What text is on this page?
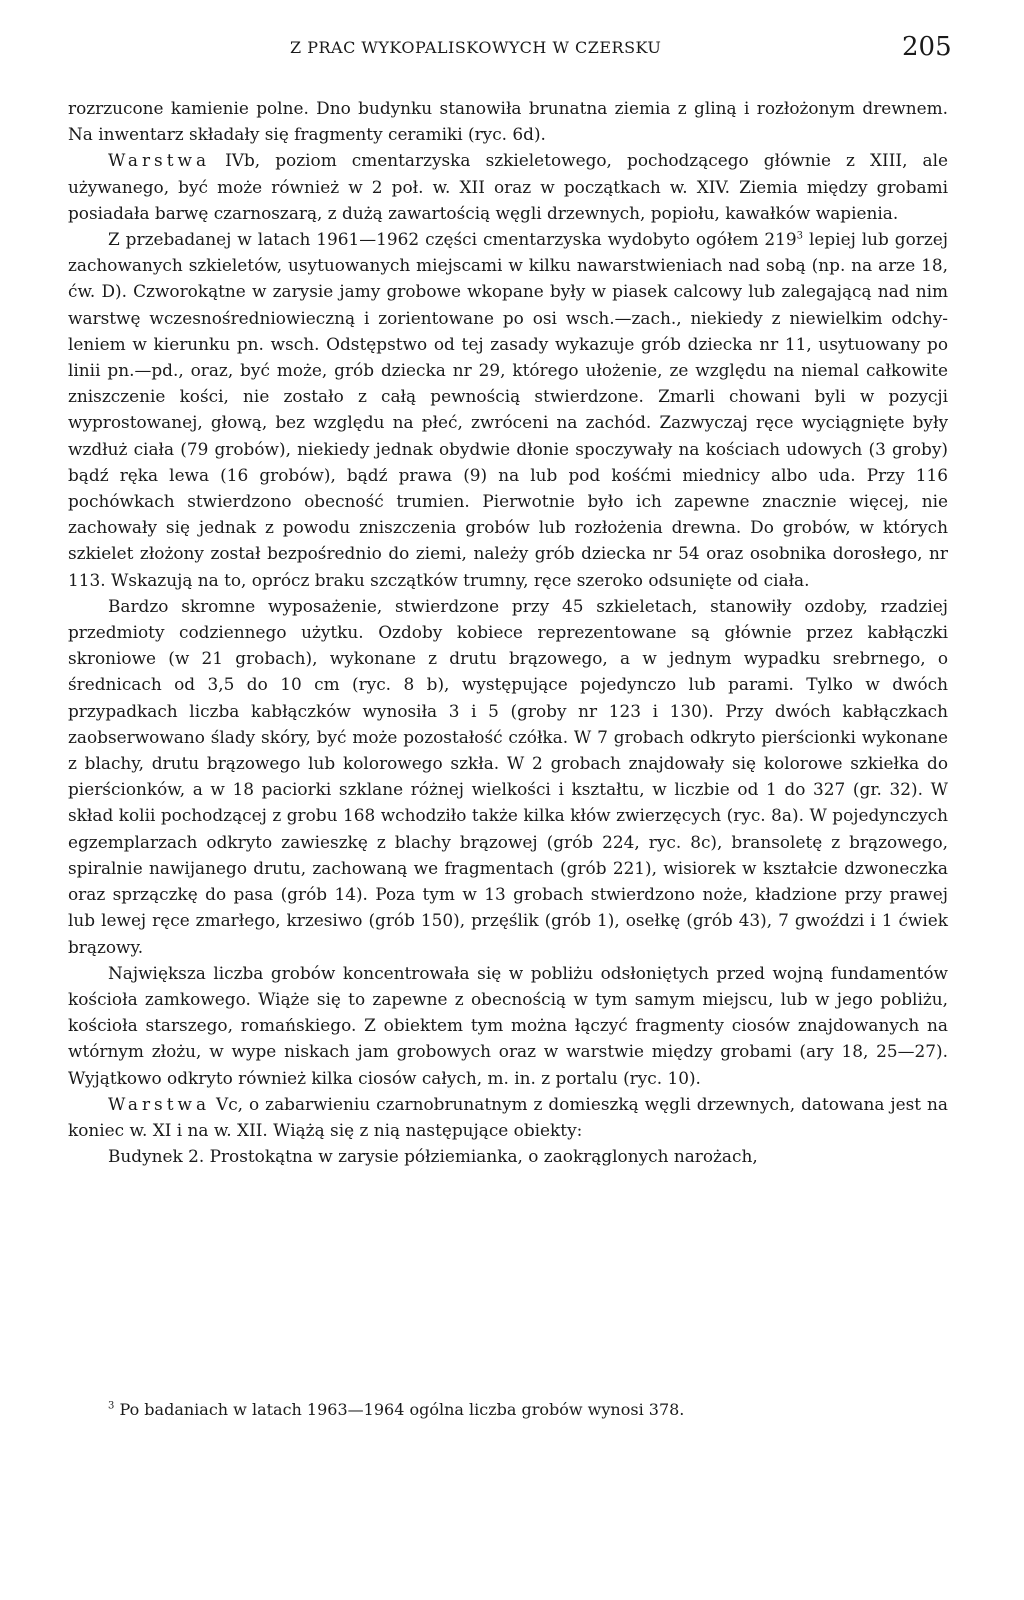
Z PRAC WYKOPALISKOWYCH W CZERSKU	205

rozrzucone kamienie polne. Dno budynku stanowiła brunatna ziemia z gliną i rozłożonym drewnem. Na inwentarz składały się fragmenty ceramiki (ryc. 6d).

Warstwa IVb, poziom cmentarzyska szkieletowego, pochodzącego głównie z XIII, ale używanego, być może również w 2 poł. w. XII oraz w początkach w. XIV. Ziemia między grobami posiadała barwę czarnoszarą, z dużą zawartością węgli drzewnych, popiołu, kawałków wapienia.

Z przebadanej w latach 1961—1962 części cmentarzyska wydobyto ogółem $219^3$ lepiej lub gorzej zachowanych szkieletów, usytuowanych miejscami w kilku nawarstwieniach nad sobą (np. na arze 18, ćw. D). Czworokątne w zarysie jamy grobowe wkopane były w piasek calcowy lub zalegającą nad nim warstwę wczesnośredniowieczną i zorientowane po osi wsch.—zach., niekiedy z niewielkim odchyleniem w kierunku pn. wsch. Odstępstwo od tej zasady wykazuje grób dziecka nr 11, usytuowany po linii pn.—pd., oraz, być może, grób dziecka nr 29, którego ułożenie, ze względu na niemal całkowite zniszczenie kości, nie zostało z całą pewnością stwierdzone. Zmarli chowani byli w pozycji wyprostowanej, głową, bez względu na płeć, zwróceni na zachód. Zazwyczaj ręce wyciągnięte były wzdłuż ciała (79 grobów), niekiedy jednak obydwie dłonie spoczywały na kościach udowych (3 groby) bądź ręka lewa (16 grobów), bądź prawa (9) na lub pod kośćmi miednicy albo uda. Przy 116 pochówkach stwierdzono obecność trumien. Pierwotnie było ich zapewne znacznie więcej, nie zachowały się jednak z powodu zniszczenia grobów lub rozłożenia drewna. Do grobów, w których szkielet złożony został bezpośrednio do ziemi, należy grób dziecka nr 54 oraz osobnika dorosłego, nr 113. Wskazują na to, oprócz braku szczątków trumny, ręce szeroko odsunięte od ciała.

Bardzo skromne wyposażenie, stwierdzone przy 45 szkieletach, stanowiły ozdoby, rzadziej przedmioty codziennego użytku. Ozdoby kobiece reprezentowane są głównie przez kabłączki skroniowe (w 21 grobach), wykonane z drutu brązowego, a w jednym wypadku srebrnego, o średnicach od 3,5 do 10 cm (ryc. 8 b), występujące pojedynczo lub parami. Tylko w dwóch przypadkach liczba kabłączków wynosiła 3 i 5 (groby nr 123 i 130). Przy dwóch kabłączkach zaobserwowano ślady skóry, być może pozostałość czółka. W 7 grobach odkryto pierścionki wykonane z blachy, drutu brązowego lub kolorowego szkła. W 2 grobach znajdowały się kolorowe szkiełka do pierścionków, a w 18 paciorki szklane różnej wielkości i kształtu, w liczbie od 1 do 327 (gr. 32). W skład kolii pochodzącej z grobu 168 wchodziło także kilka kłów zwierzęcych (ryc. 8a). W pojedynczych egzemplarzach odkryto zawieszkę z blachy brązowej (grób 224, ryc. 8c), bransoletę z brązowego, spiralnie nawijanego drutu, zachowaną we fragmentach (grób 221), wisiorek w kształcie dzwoneczka oraz sprzączkę do pasa (grób 14). Poza tym w 13 grobach stwierdzono noże, kładzione przy prawej lub lewej ręce zmarłego, krzesiwo (grób 150), przęślik (grób 1), osełkę (grób 43), 7 gwoździ i 1 ćwiek brązowy.

Największa liczba grobów koncentrowała się w pobliżu odsłoniętych przed wojną fundamentów kościoła zamkowego. Wiąże się to zapewne z obecnością w tym samym miejscu, lub w jego pobliżu, kościoła starszego, romańskiego. Z obiektem tym można łączyć fragmenty ciosów znajdowanych na wtórnym złożu, w wype niskach jam grobowych oraz w warstwie między grobami (ary 18, 25—27). Wyjątkowo odkryto również kilka ciosów całych, m. in. z portalu (ryc. 10).

Warstwa Vc, o zabarwieniu czarnobrunatnym z domieszką węgli drzewnych, datowana jest na koniec w. XI i na w. XII. Wiążą się z nią następujące obiekty:

Budynek 2. Prostokątna w zarysie półziemianka, o zaokrąglonych narożach,

$^3$ Po badaniach w latach 1963—1964 ogólna liczba grobów wynosi 378.
